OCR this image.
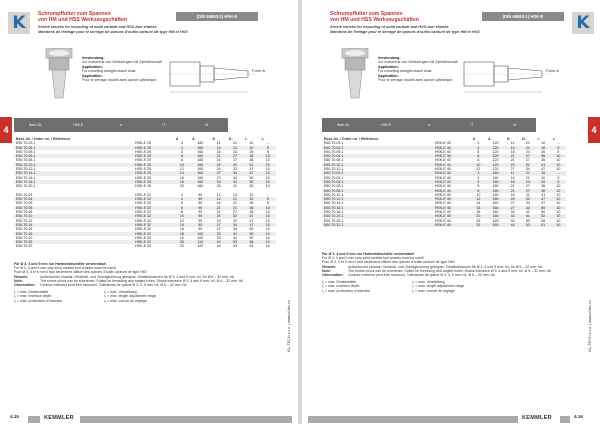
K	Schrumpffutter zum Spannen
von HM und HSS Werkzeugschäften
Shrink chucks for mounting of solid carbide and HSS-tool shanks
Mandrins de frettage pour le serrage de queues d'outils carbure de type HM et HSS
(DIN 69893-1) HSK-E
Verwendung:
Zur Aufnahme von Werkzeugen mit Zylinderschaft.
Application:
For mounting straight-shank tools.
Application:
Pour le serrage d'outils avec queue cylindrique.
Form A
Best.-Nr.	HSK-E	d	IT	Ø
Best.-Nr. / Order no. / Référence		d	A	D	D₁	l₁	l₂
E50.70.03.1	HSK-E 25	3	160	11	21	10	–
E50.70.04.1	HSK-E 25	4	160	14	21	10	5
E50.70.05.1	HSK-E 25	5	160	16	24	26	5
E50.70.06.1	HSK-E 25	6	160	21	27	36	10
E50.70.08.1	HSK-E 25	8	160	21	27	36	10
E50.70.10.1	HSK-E 25	10	160	24	31	41	10
E50.70.12.1	HSK-E 25	12	160	24	32	47	10
E50.70.14.1	HSK-E 25	14	160	27	34	47	10
E50.70.16.1	HSK-E 25	16	160	27	34	50	10
E50.70.18.1	HSK-E 25	18	160	33	41	50	10
E50.70.20.1	HSK-E 25	20	160	33	41	52	10

E50.70.03	HSK-E 32	3	90	11	13	10	–
E50.70.04	HSK-E 32	4	90	14	21	10	5
E50.70.05	HSK-E 32	5	90	16	21	26	5
E50.70.06	HSK-E 32	6	90	21	21	36	10
E50.70.08	HSK-E 32	8	90	21	27	36	10
E50.70.10	HSK-E 32	10	90	24	32	41	10
E50.70.12	HSK-E 32	12	90	24	32	47	10
E50.70.14	HSK-E 32	14	90	27	34	47	10
E50.70.16	HSK-E 32	16	90	27	34	50	10
E50.70.18	HSK-E 32	18	100	33	41	50	10
E50.70.20	HSK-E 32	20	100	33	41	52	10
E50.70.25	HSK-E 32	25	110	44	53	58	10
E50.70.32	HSK-E 32	32	120	44	53	61	10
Für Ø 3, 4 und 5 mm nur Hartmetallschäfte verwendbar!
For Ø 3, 4 and 5 mm only solid carbide tool shanks must be used!
Pour Ø 3, 4 et 5 mm il faut seulement utiliser des queues d'outils carbure de type HM!
Hinweis:	Außenkontur kürzbar, Gewinde- und Schrägbohrung geeignet. Schaftoleranzen für Ø 3, 4 und 5 mm: h4, für Ø 6 – 32 mm: h6.
Note:	The shrink chuck can be shortened. Suited for threading and angled holes. Shank tolerance Ø 3, 4 and 5 mm: h4, Ø 6 – 32 mm: h6.
Observation: Contour extérieur peut être raccourci. Tolérances de queue Ø 3, 4, 5 mm: h4, Ø 6 – 32 mm: h6.
l₁ = max. Einstecktiefe	l₂ = max. Verstellweg
l₁ = max. insertion depth	l₂ = max. length adjustment range
l₁ = max. profondeur d'insertion	l₂ = max. course de réglage
4.15	KEMMLER
4
KL-TECH s.r.o. | www.kl-tec.cz
Schrumpffutter zum Spannen
von HM und HSS Werkzeugschäften
Shrink chucks for mounting of solid carbide and HSS-tool shanks
Mandrins de frettage pour le serrage de queues d'outils carbure de type HM et HSS
(DIN 69893-1) HSK-E	K
Verwendung:
Zur Aufnahme von Werkzeugen mit Zylinderschaft.
Application:
For mounting straight-shank tools.
Application:
Pour le serrage d'outils avec queue cylindrique.
Form A
Best.-Nr.	HSK-E	d	IT	Ø
Best.-Nr. / Order no. / Référence		d	A	D	D₁	l₁	l₂
E60.70.03.1	HSK-E 40	3	120	11	21	10	–
E60.70.04.1	HSK-E 40	4	120	14	21	10	5
E60.70.05.1	HSK-E 40	5	120	16	24	26	5
E60.70.06.1	HSK-E 40	6	120	21	27	36	10
E60.70.08.1	HSK-E 40	8	120	21	27	36	10
E60.70.10.1	HSK-E 40	10	120	24	31	41	10
E60.70.12.1	HSK-E 40	12	120	27	34	47	10
E60.70.03.1	HSK-E 40	3	160	11	21	10	–
E60.70.04.1	HSK-E 40	4	160	14	21	10	5
E60.70.05.1	HSK-E 40	5	160	16	24	26	5
E60.70.06.1	HSK-E 40	6	160	21	27	36	10
E60.70.08.1	HSK-E 40	8	160	21	27	36	10
E60.70.10.1	HSK-E 40	10	160	24	31	41	10
E60.70.12.1	HSK-E 40	12	160	24	32	47	10
E60.70.14.1	HSK-E 40	14	160	27	34	47	10
E60.70.16.1	HSK-E 40	16	160	27	34	50	10
E60.70.18.1	HSK-E 40	18	160	33	41	50	10
E60.70.20.1	HSK-E 40	20	160	33	41	52	10
E60.70.25.1	HSK-E 40	25	160	44	53	58	10
E60.70.32.1	HSK-E 40	32	160	44	53	61	10
Für Ø 3, 4 und 5 mm nur Hartmetallschäfte verwendbar!
For Ø 3, 4 and 5 mm only solid carbide tool shanks must be used!
Pour Ø 3, 4 et 5 mm il faut seulement utiliser des queues d'outils carbure de type HM!
Hinweis:	Außenkontur kürzbar, Gewinde- und Schrägbohrung geeignet. Schaftoleranzen für Ø 3, 4 und 5 mm: h4, für Ø 6 – 32 mm: h6.
Note:	The shrink chuck can be shortened. Suited for threading and angled holes. Shank tolerance Ø 3, 4 and 5 mm: h4, Ø 6 – 32 mm: h6.
Observation: Contour extérieur peut être raccourci. Tolérances de queue Ø 3, 4, 5 mm: h4, Ø 6 – 32 mm: h6.
l₁ = max. Einstecktiefe	l₂ = max. Verstellweg
l₁ = max. insertion depth	l₂ = max. length adjustment range
l₁ = max. profondeur d'insertion	l₂ = max. course de réglage
KEMMLER	4.16
4
KL-TECH s.r.o. | www.kl-tec.cz
